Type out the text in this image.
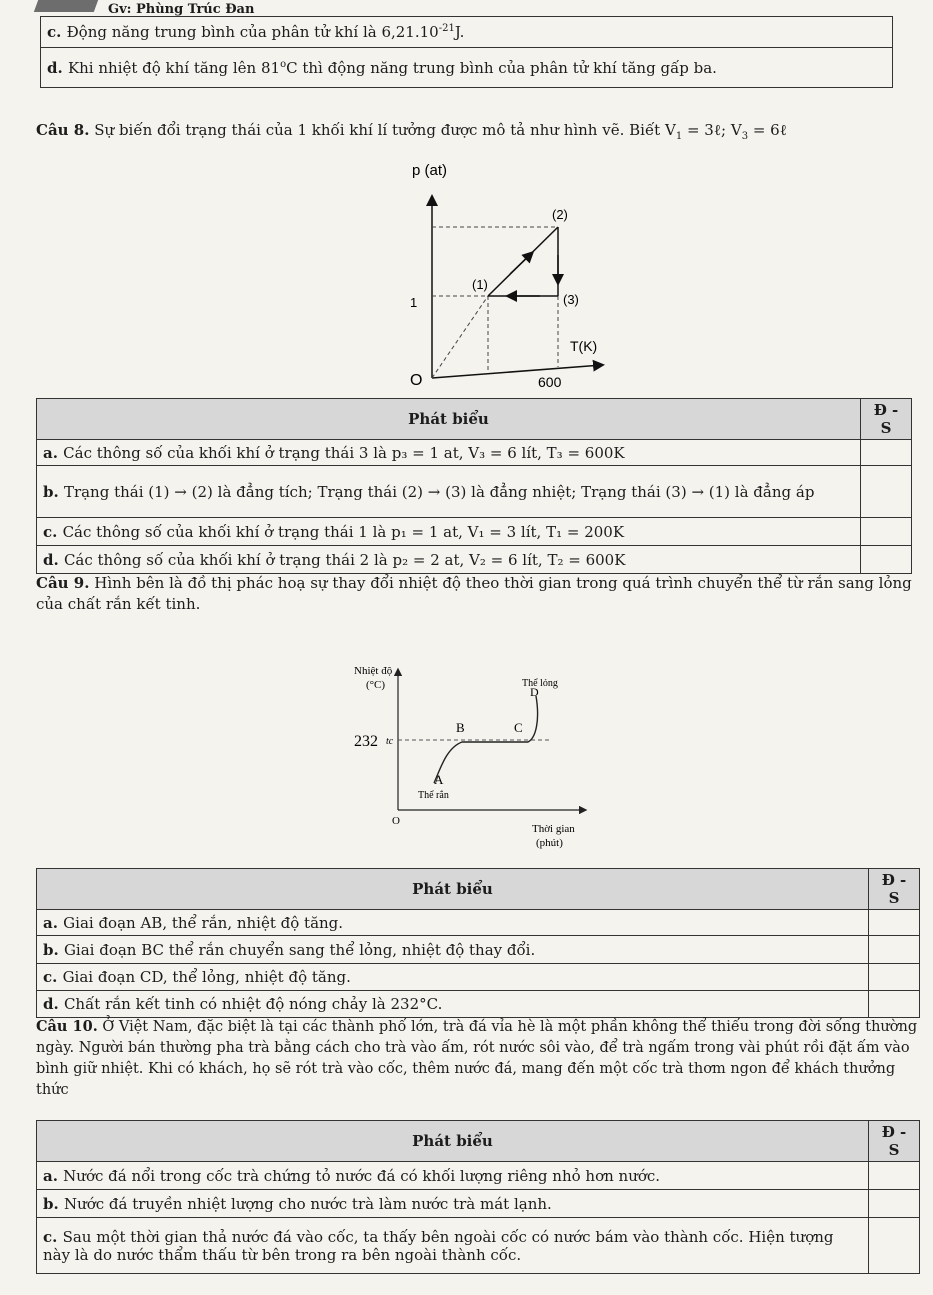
Gv: Phùng Trúc Đan
c. Động năng trung bình của phân tử khí là $6,21.10^{-21}J$.
d. Khi nhiệt độ khí tăng lên 81$^o$C thì động năng trung bình của phân tử khí tăng gấp ba.
Câu 8. Sự biến đổi trạng thái của 1 khối khí lí tưởng được mô tả như hình vẽ. Biết $V_1$ = 3ℓ; $V_3$ = 6ℓ
p (at)
T(K)
O	600
1
(1)
(2)
(3)
Phát biểu	Đ - S
a. Các thông số của khối khí ở trạng thái 3 là p₃ = 1 at, V₃ = 6 lít, T₃ = 600K	
b. Trạng thái (1) → (2) là đẳng tích; Trạng thái (2) → (3) là đẳng nhiệt; Trạng thái (3) → (1) là đẳng áp	
c. Các thông số của khối khí ở trạng thái 1 là p₁ = 1 at, V₁ = 3 lít, T₁ = 200K	
d. Các thông số của khối khí ở trạng thái 2 là p₂ = 2 at, V₂ = 6 lít, T₂ = 600K	
Câu 9. Hình bên là đồ thị phác hoạ sự thay đổi nhiệt độ theo thời gian trong quá trình chuyển thể từ rắn sang lỏng của chất rắn kết tinh.
Nhiệt độ
(°C)
O
Thời gian
(phút)
232 tc
A
B	C
D
Thể rắn
Thể lỏng
Phát biểu	Đ - S
a. Giai đoạn AB, thể rắn, nhiệt độ tăng.	
b. Giai đoạn BC thể rắn chuyển sang thể lỏng, nhiệt độ thay đổi.	
c. Giai đoạn CD, thể lỏng, nhiệt độ tăng.	
d. Chất rắn kết tinh có nhiệt độ nóng chảy là 232°C.	
Câu 10. Ở Việt Nam, đặc biệt là tại các thành phố lớn, trà đá vỉa hè là một phần không thể thiếu trong đời sống thường ngày. Người bán thường pha trà bằng cách cho trà vào ấm, rót nước sôi vào, để trà ngấm trong vài phút rồi đặt ấm vào bình giữ nhiệt. Khi có khách, họ sẽ rót trà vào cốc, thêm nước đá, mang đến một cốc trà thơm ngon để khách thưởng thức
Phát biểu	Đ - S
a. Nước đá nổi trong cốc trà chứng tỏ nước đá có khối lượng riêng nhỏ hơn nước.	
b. Nước đá truyền nhiệt lượng cho nước trà làm nước trà mát lạnh.	
c. Sau một thời gian thả nước đá vào cốc, ta thấy bên ngoài cốc có nước bám vào thành cốc. Hiện tượng này là do nước thẩm thấu từ bên trong ra bên ngoài thành cốc.	
